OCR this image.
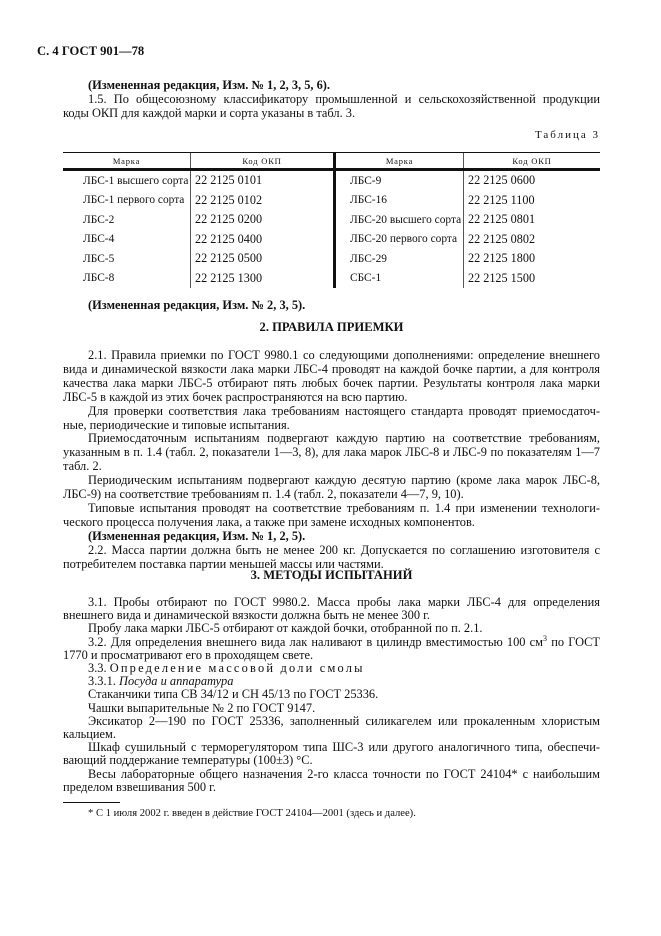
С. 4 ГОСТ 901—78

(Измененная редакция, Изм. № 1, 2, 3, 5, 6).

1.5. По общесоюзному классификатору промышленной и сельскохозяйственной продукции коды ОКП для каждой марки и сорта указаны в табл. 3.

Таблица 3
Марка	Код ОКП	Марка	Код ОКП
ЛБС-1 высшего сорта	22 2125 0101	ЛБС-9	22 2125 0600
ЛБС-1 первого сорта	22 2125 0102	ЛБС-16	22 2125 1100
ЛБС-2	22 2125 0200	ЛБС-20 высшего сорта	22 2125 0801
ЛБС-4	22 2125 0400	ЛБС-20 первого сорта	22 2125 0802
ЛБС-5	22 2125 0500	ЛБС-29	22 2125 1800
ЛБС-8	22 2125 1300	СБС-1	22 2125 1500

(Измененная редакция, Изм. № 2, 3, 5).

2. ПРАВИЛА ПРИЕМКИ

2.1. Правила приемки по ГОСТ 9980.1 со следующими дополнениями: определение внешнего вида и динамической вязкости лака марки ЛБС-4 проводят на каждой бочке партии, а для контроля качества лака марки ЛБС-5 отбирают пять любых бочек партии. Результаты контроля лака марки ЛБС-5 в каждой из этих бочек распространяются на всю партию.

Для проверки соответствия лака требованиям настоящего стандарта проводят приемосдаточ-ные, периодические и типовые испытания.

Приемосдаточным испытаниям подвергают каждую партию на соответствие требованиям, указанным в п. 1.4 (табл. 2, показатели 1—3, 8), для лака марок ЛБС-8 и ЛБС-9 по показателям 1—7 табл. 2.

Периодическим испытаниям подвергают каждую десятую партию (кроме лака марок ЛБС-8, ЛБС-9) на соответствие требованиям п. 1.4 (табл. 2, показатели 4—7, 9, 10).

Типовые испытания проводят на соответствие требованиям п. 1.4 при изменении технологи-ческого процесса получения лака, а также при замене исходных компонентов.

(Измененная редакция, Изм. № 1, 2, 5).

2.2. Масса партии должна быть не менее 200 кг. Допускается по соглашению изготовителя с потребителем поставка партии меньшей массы или частями.

3. МЕТОДЫ ИСПЫТАНИЙ

3.1. Пробы отбирают по ГОСТ 9980.2. Масса пробы лака марки ЛБС-4 для определения внешнего вида и динамической вязкости должна быть не менее 300 г.

Пробу лака марки ЛБС-5 отбирают от каждой бочки, отобранной по п. 2.1.

3.2. Для определения внешнего вида лак наливают в цилиндр вместимостью 100 $см^3$ по ГОСТ 1770 и просматривают его в проходящем свете.

3.3. Определение массовой доли смолы

3.3.1. Посуда и аппаратура

Стаканчики типа СВ 34/12 и СН 45/13 по ГОСТ 25336.

Чашки выпарительные № 2 по ГОСТ 9147.

Эксикатор 2—190 по ГОСТ 25336, заполненный силикагелем или прокаленным хлористым кальцием.

Шкаф сушильный с терморегулятором типа ШС-3 или другого аналогичного типа, обеспечи-вающий поддержание температуры (100±3) °С.

Весы лабораторные общего назначения 2-го класса точности по ГОСТ 24104* с наибольшим пределом взвешивания 500 г.

* С 1 июля 2002 г. введен в действие ГОСТ 24104—2001 (здесь и далее).
